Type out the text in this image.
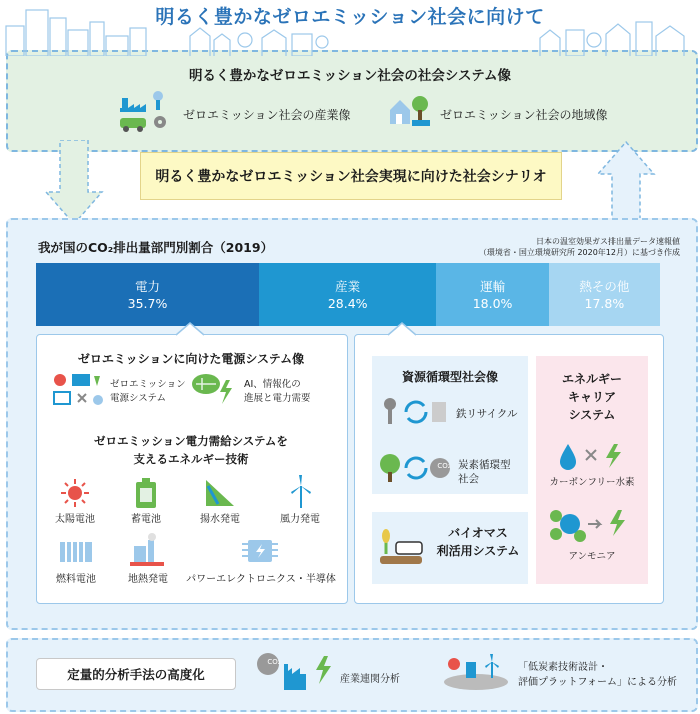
明るく豊かなゼロエミッション社会に向けて
明るく豊かなゼロエミッション社会の社会システム像
ゼロエミッション社会の産業像	ゼロエミッション社会の地域像
明るく豊かなゼロエミッション社会実現に向けた社会シナリオ
我が国のCO₂排出量部門別割合（2019）	日本の温室効果ガス排出量データ速報値
（環境省・国立環境研究所 2020年12月）に基づき作成
電力
35.7%
産業
28.4%
運輸
18.0%
熱その他
17.8%
ゼロエミッションに向けた電源システム像
ゼロエミッション
電源システム
AI、情報化の
進展と電力需要
ゼロエミッション電力需給システムを
支えるエネルギー技術
太陽電池	蓄電池	揚水発電	風力発電
燃料電池	地熱発電	パワーエレクトロニクス・半導体
資源循環型社会像
鉄リサイクル
CO₂ 炭素循環型
社会
バイオマス
利活用システム
エネルギー
キャリア
システム
カーボンフリー水素
アンモニア
定量的分析手法の高度化
CO₂
産業連関分析
「低炭素技術設計・
評価プラットフォーム」による分析
